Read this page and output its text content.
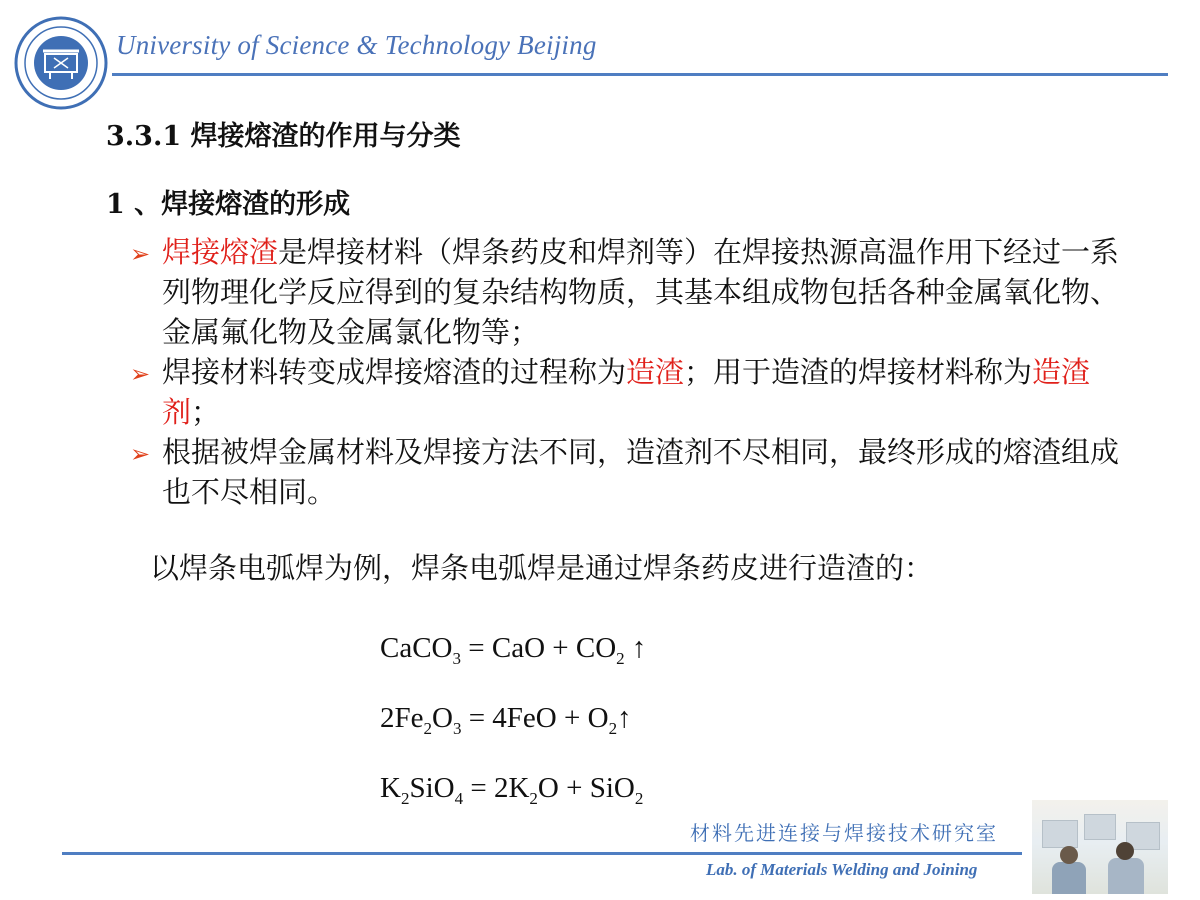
University of Science & Technology Beijing
3.3.1 焊接熔渣的作用与分类
1 、焊接熔渣的形成
➢ 焊接熔渣是焊接材料（焊条药皮和焊剂等）在焊接热源高温作用下经过一系列物理化学反应得到的复杂结构物质，其基本组成物包括各种金属氧化物、金属氟化物及金属氯化物等；
➢ 焊接材料转变成焊接熔渣的过程称为造渣；用于造渣的焊接材料称为造渣剂；
➢ 根据被焊金属材料及焊接方法不同，造渣剂不尽相同，最终形成的熔渣组成也不尽相同。
以焊条电弧焊为例，焊条电弧焊是通过焊条药皮进行造渣的：
CaCO$_3$ = CaO + $CO_2$ ↑
$2Fe_2O_3 = 4FeO$ + $O_2↑$
$K_2SiO_4 = 2K_2O + SiO_2$
材料先进连接与焊接技术研究室
Lab. of Materials Welding and Joining
